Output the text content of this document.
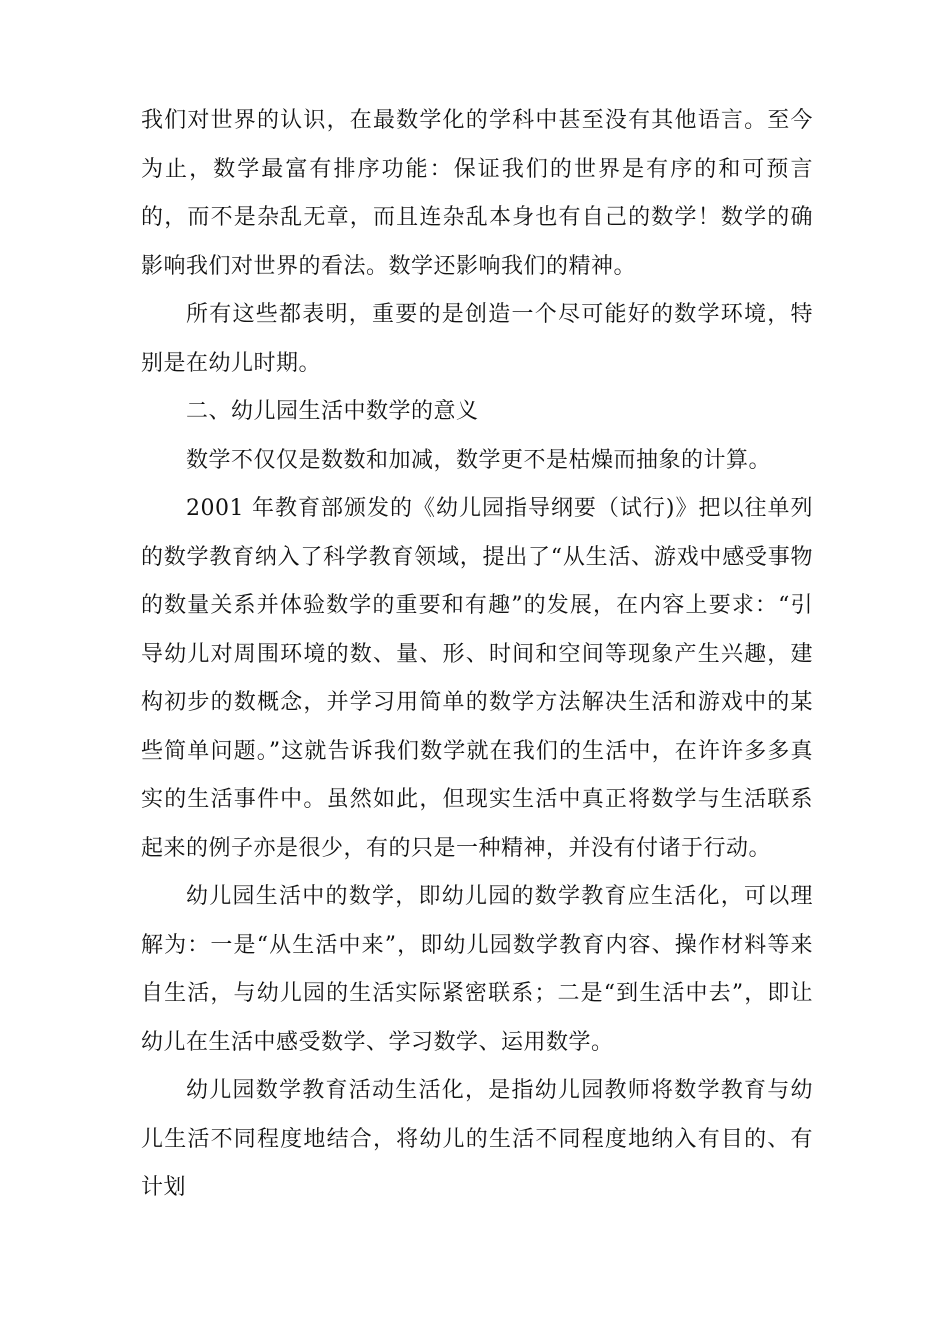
我们对世界的认识，在最数学化的学科中甚至没有其他语言。至今为止，数学最富有排序功能：保证我们的世界是有序的和可预言的，而不是杂乱无章，而且连杂乱本身也有自己的数学！数学的确影响我们对世界的看法。数学还影响我们的精神。

所有这些都表明，重要的是创造一个尽可能好的数学环境，特别是在幼儿时期。

二、幼儿园生活中数学的意义

数学不仅仅是数数和加减，数学更不是枯燥而抽象的计算。

2001 年教育部颁发的《幼儿园指导纲要（试行)》把以往单列的数学教育纳入了科学教育领域，提出了“从生活、游戏中感受事物的数量关系并体验数学的重要和有趣”的发展，在内容上要求：“引导幼儿对周围环境的数、量、形、时间和空间等现象产生兴趣，建构初步的数概念，并学习用简单的数学方法解决生活和游戏中的某些简单问题。”这就告诉我们数学就在我们的生活中，在许许多多真实的生活事件中。虽然如此，但现实生活中真正将数学与生活联系起来的例子亦是很少，有的只是一种精神，并没有付诸于行动。

幼儿园生活中的数学，即幼儿园的数学教育应生活化，可以理解为：一是“从生活中来”，即幼儿园数学教育内容、操作材料等来自生活，与幼儿园的生活实际紧密联系；二是“到生活中去”，即让幼儿在生活中感受数学、学习数学、运用数学。

幼儿园数学教育活动生活化，是指幼儿园教师将数学教育与幼儿生活不同程度地结合，将幼儿的生活不同程度地纳入有目的、有计划
